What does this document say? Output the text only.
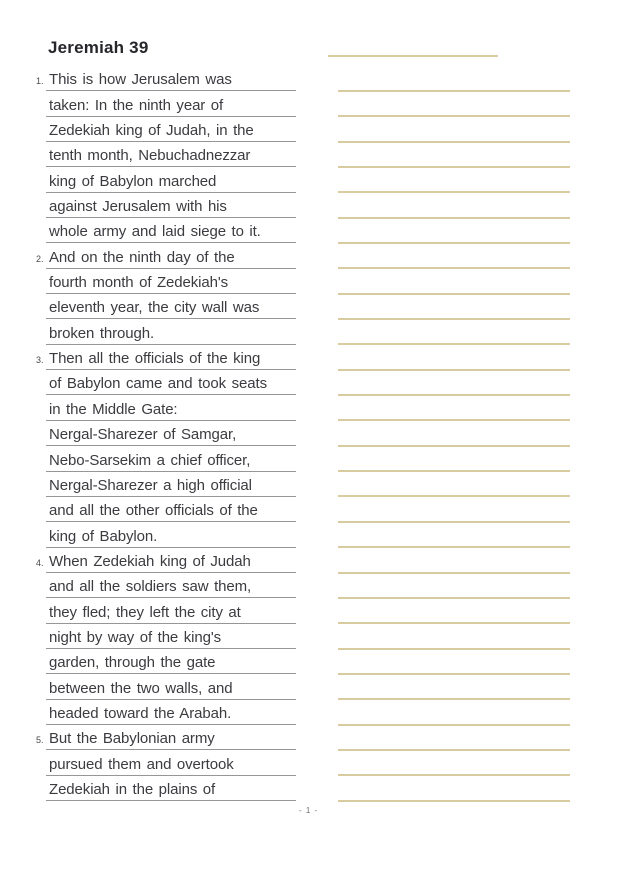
Jeremiah 39
1. This is how Jerusalem was
taken: In the ninth year of
Zedekiah king of Judah, in the
tenth month, Nebuchadnezzar
king of Babylon marched
against Jerusalem with his
whole army and laid siege to it.
2. And on the ninth day of the
fourth month of Zedekiah's
eleventh year, the city wall was
broken through.
3. Then all the officials of the king
of Babylon came and took seats
in the Middle Gate:
Nergal-Sharezer of Samgar,
Nebo-Sarsekim a chief officer,
Nergal-Sharezer a high official
and all the other officials of the
king of Babylon.
4. When Zedekiah king of Judah
and all the soldiers saw them,
they fled; they left the city at
night by way of the king's
garden, through the gate
between the two walls, and
headed toward the Arabah.
5. But the Babylonian army
pursued them and overtook
Zedekiah in the plains of
- 1 -
